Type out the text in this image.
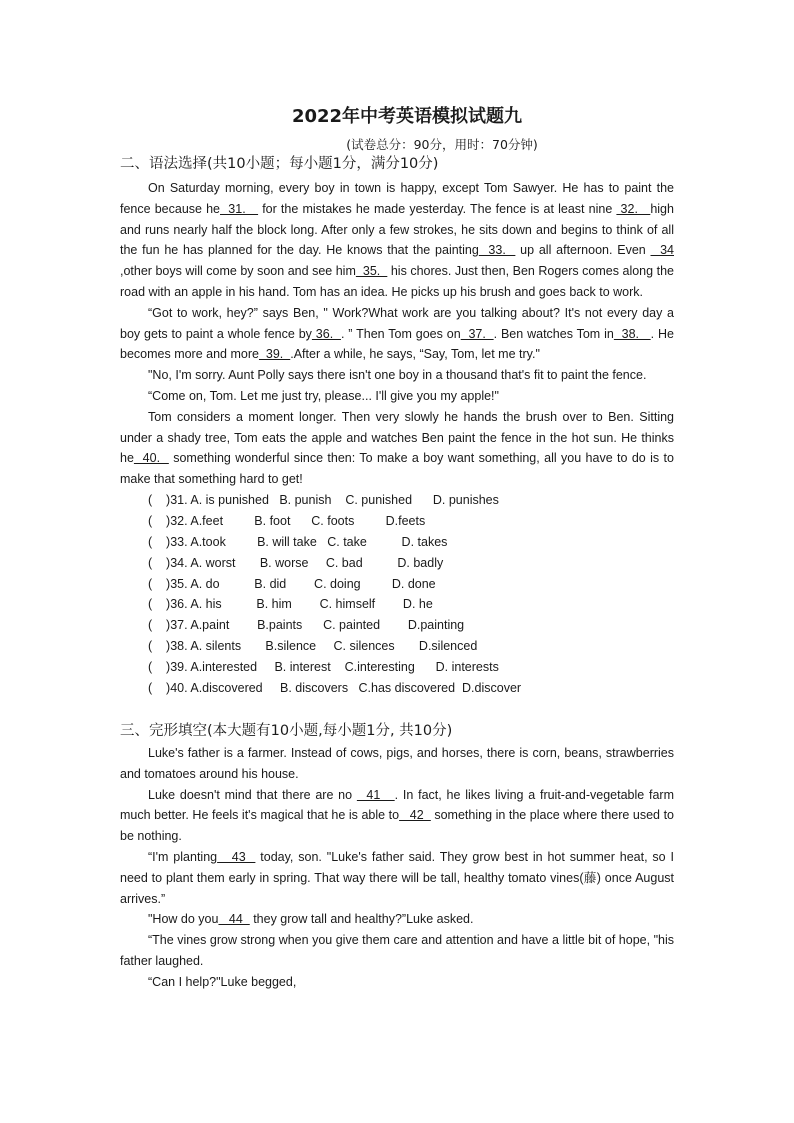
2022年中考英语模拟试题九
(试卷总分：90分，用时：70分钟)
二、语法选择(共10小题；每小题1分，满分10分)

On Saturday morning, every boy in town is happy, except Tom Sawyer. He has to paint the fence because he  31.    for the mistakes he made yesterday. The fence is at least nine  32.   high and runs nearly half the block long. After only a few strokes, he sits down and begins to think of all the fun he has planned for the day. He knows that the painting  33.   up all afternoon. Even   34 ,other boys will come by soon and see him  35.   his chores. Just then, Ben Rogers comes along the road with an apple in his hand. Tom has an idea. He picks up his brush and goes back to work.

“Got to work, hey?” says Ben, " Work?What work are you talking about? It's not every day a boy gets to paint a whole fence by 36.  . ” Then Tom goes on  37.  . Ben watches Tom in  38.   . He becomes more and more  39.  .After a while, he says, “Say, Tom, let me try."

"No, I'm sorry. Aunt Polly says there isn't one boy in a thousand that's fit to paint the fence.

“Come on, Tom. Let me just try, please... I'll give you my apple!"

Tom considers a moment longer. Then very slowly he hands the brush over to Ben. Sitting under a shady tree, Tom eats the apple and watches Ben paint the fence in the hot sun. He thinks he  40.   something wonderful since then: To make a boy want something, all you have to do is to make that something hard to get!

(    )31. A. is punished   B. punish    C. punished      D. punishes
(    )32. A.feet         B. foot      C. foots         D.feets
(    )33. A.took         B. will take   C. take          D. takes
(    )34. A. worst       B. worse     C. bad          D. badly
(    )35. A. do          B. did        C. doing         D. done
(    )36. A. his          B. him        C. himself        D. he
(    )37. A.paint        B.paints      C. painted        D.painting
(    )38. A. silents       B.silence     C. silences       D.silenced
(    )39. A.interested     B. interest    C.interesting      D. interests
(    )40. A.discovered     B. discovers   C.has discovered  D.discover
三、完形填空(本大题有10小题,每小题1分, 共10分)

Luke's father is a farmer. Instead of cows, pigs, and horses, there is corn, beans, strawberries and tomatoes around his house.

Luke doesn't mind that there are no   41   . In fact, he likes living a fruit-and-vegetable farm much better. He feels it's magical that he is able to   42   something in the place where there used to be nothing.

“I'm planting   43   today, son. "Luke's father said. They grow best in hot summer heat, so I need to plant them early in spring. That way there will be tall, healthy tomato vines(藤) once August arrives.”

"How do you   44   they grow tall and healthy?”Luke asked.

“The vines grow strong when you give them care and attention and have a little bit of hope, "his father laughed.

“Can I help?"Luke begged,
